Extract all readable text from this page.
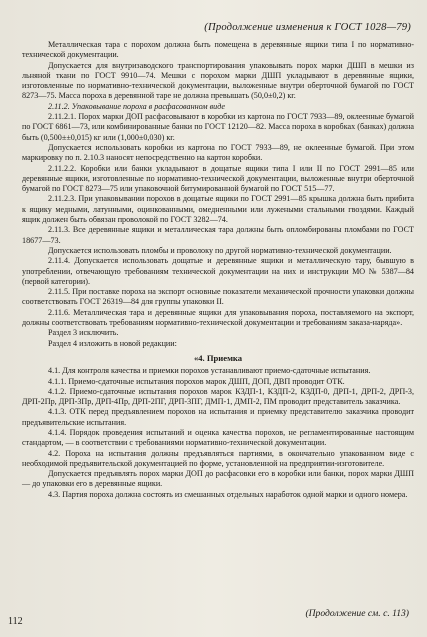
(Продолжение изменения к ГОСТ 1028—79)

Металлическая тара с порохом должна быть помещена в деревянные ящики типа I по нормативно-технической документации.

Допускается для внутризаводского транспортирования упаковывать порох марки ДШП в мешки из льняной ткани по ГОСТ 9910—74. Мешки с порохом марки ДШП укладывают в деревянные ящики, изготовленные по нормативно-технической документации, выложенные внутри оберточной бумагой по ГОСТ 8273—75. Масса пороха в деревянной таре не должна превышать (50,0±0,2) кг.

2.11.2. Упаковывание пороха в расфасованном виде

2.11.2.1. Порох марки ДОП расфасовывают в коробки из картона по ГОСТ 7933—89, оклеенные бумагой по ГОСТ 6861—73, или комбинированные банки по ГОСТ 12120—82. Масса пороха в коробках (банках) должна быть (0,500±±0,015) кг или (1,000±0,030) кг.

Допускается использовать коробки из картона по ГОСТ 7933—89, не оклеенные бумагой. При этом маркировку по п. 2.10.3 наносят непосредственно на картон коробки.

2.11.2.2. Коробки или банки укладывают в дощатые ящики типа I или II по ГОСТ 2991—85 или деревянные ящики, изготовленные по нормативно-технической документации, выложенные внутри оберточной бумагой по ГОСТ 8273—75 или упаковочной битумированной бумагой по ГОСТ 515—77.

2.11.2.3. При упаковывании порохов в дощатые ящики по ГОСТ 2991—85 крышка должна быть прибита к ящику медными, латунными, оцинкованными, омедненными или лужеными стальными гвоздями. Каждый ящик должен быть обвязан проволокой по ГОСТ 3282—74.

2.11.3. Все деревянные ящики и металлическая тара должны быть опломбированы пломбами по ГОСТ 18677—73.

Допускается использовать пломбы и проволоку по другой нормативно-технической документации.

2.11.4. Допускается использовать дощатые и деревянные ящики и металлическую тару, бывшую в употреблении, отвечающую требованиям технической документации на них и инструкции МО № 5387—84 (первой категории).

2.11.5. При поставке пороха на экспорт основные показатели механической прочности упаковки должны соответствовать ГОСТ 26319—84 для группы упаковки II.

2.11.6. Металлическая тара и деревянные ящики для упаковывания пороха, поставляемого на экспорт, должны соответствовать требованиям нормативно-технической документации и требованиям заказа-наряда».

Раздел 3 исключить.

Раздел 4 изложить в новой редакции:

«4. Приемка

4.1. Для контроля качества и приемки порохов устанавливают приемо-сдаточные испытания.

4.1.1. Приемо-сдаточные испытания порохов марок ДШП, ДОП, ДВП проводит ОТК.

4.1.2. Приемо-сдаточные испытания порохов марок КЗДП-1, КЗДП-2, КЗДП-0, ДРП-1, ДРП-2, ДРП-3, ДРП-2Пр, ДРП-3Пр, ДРП-4Пр, ДРП-2ПГ, ДРП-3ПГ, ДМП-1, ДМП-2, ПМ проводит представитель заказчика.

4.1.3. ОТК перед предъявлением порохов на испытания и приемку представителю заказчика проводит предъявительские испытания.

4.1.4. Порядок проведения испытаний и оценка качества порохов, не регламентированные настоящим стандартом, — в соответствии с требованиями нормативно-технической документации.

4.2. Пороха на испытания должны предъявляться партиями, в окончательно упакованном виде с необходимой предъявительской документацией по форме, установленной на предприятии-изготовителе.

Допускается предъявлять порох марки ДОП до расфасовки его в коробки или банки, порох марки ДШП — до упаковки его в деревянные ящики.

4.3. Партия пороха должна состоять из смешанных отдельных наработок одной марки и одного номера.

(Продолжение см. с. 113)
112
